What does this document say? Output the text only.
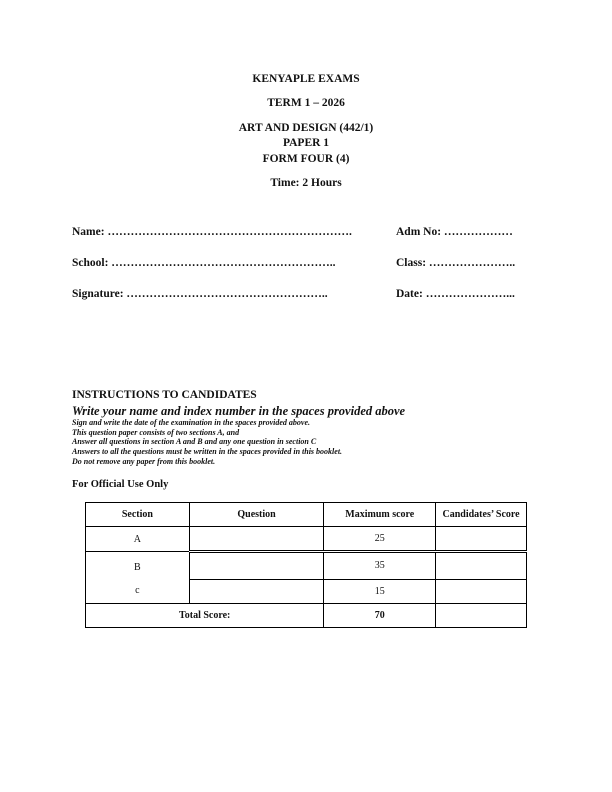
KENYAPLE EXAMS
TERM 1 – 2026
ART AND DESIGN (442/1)
PAPER 1
FORM FOUR (4)
Time: 2 Hours
Name: ……………………………………………………….	Adm No: ………………
School: …………………………………………………..	Class: …………………..
Signature: ……………………………………………..	Date: …………………...
INSTRUCTIONS TO CANDIDATES
Write your name and index number in the spaces provided above
Sign and write the date of the examination in the spaces provided above.
This question paper consists of two sections A, and
Answer all questions in section A and B and any one question in section C
Answers to all the questions must be written in the spaces provided in this booklet.
Do not remove any paper from this booklet.
For Official Use Only
Section	Question	Maximum score	Candidates’ Score
A		25	
B		35	
c		15	
Total Score:		70	
